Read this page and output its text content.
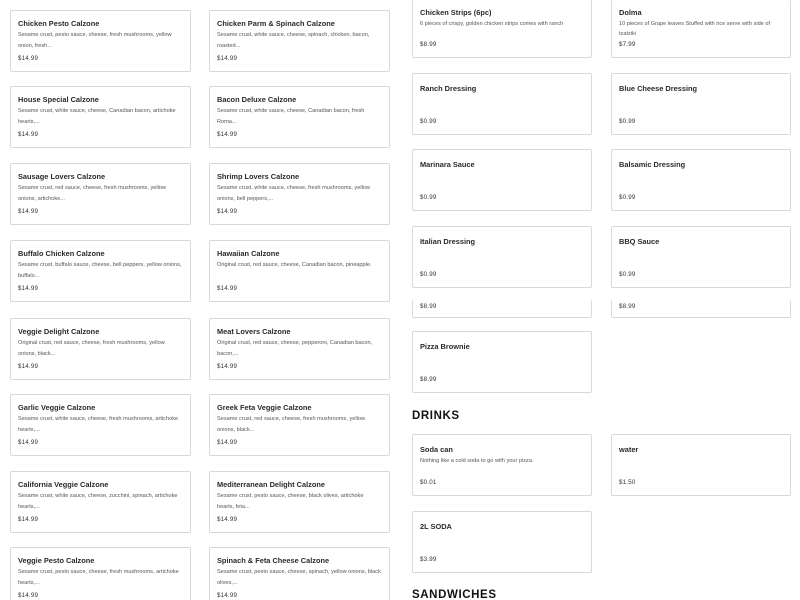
Chicken Pesto Calzone
Sesame crust, pesto sauce, cheese, fresh mushrooms, yellow onion, fresh...
$14.99
Chicken Parm & Spinach Calzone
Sesame crust, white sauce, cheese, spinach, chicken, bacon, roasted...
$14.99
House Special Calzone
Sesame crust, white sauce, cheese, Canadian bacon, artichoke hearts,...
$14.99
Bacon Deluxe Calzone
Sesame crust, white sauce, cheese, Canadian bacon, fresh Roma...
$14.99
Sausage Lovers Calzone
Sesame crust, red sauce, cheese, fresh mushrooms, yellow onions, artichoke...
$14.99
Shrimp Lovers Calzone
Sesame crust, white sauce, cheese, fresh mushrooms, yellow onions, bell peppers,...
$14.99
Buffalo Chicken Calzone
Sesame crust, buffalo sauce, cheese, bell peppers, yellow onions, buffalo...
$14.99
Hawaiian Calzone
Original crust, red sauce, cheese, Canadian bacon, pineapple.
$14.99
Veggie Delight Calzone
Original crust, red sauce, cheese, fresh mushrooms, yellow onions, black...
$14.99
Meat Lovers Calzone
Original crust, red sauce, cheese, pepperoni, Canadian bacon, bacon,...
$14.99
Garlic Veggie Calzone
Sesame crust, white sauce, cheese, fresh mushrooms, artichoke hearts,...
$14.99
Greek Feta Veggie Calzone
Sesame crust, red sauce, cheese, fresh mushrooms, yellow onions, black...
$14.99
California Veggie Calzone
Sesame crust, white sauce, cheese, zucchini, spinach, artichoke hearts,...
$14.99
Mediterranean Delight Calzone
Sesame crust, pesto sauce, cheese, black olives, artichoke hearts, feta...
$14.99
Veggie Pesto Calzone
Sesame crust, pesto sauce, cheese, fresh mushrooms, artichoke hearts,...
$14.99
Spinach & Feta Cheese Calzone
Sesame crust, pesto sauce, cheese, spinach, yellow onions, black olives,...
$14.99
Chicken Strips (6pc)
6 pieces of crispy, golden chicken strips comes with ranch
$8.99
Dolma
10 pieces of Grape leaves Stuffed with rice serve with side of tzatziki
$7.99
Ranch Dressing
$0.99
Blue Cheese Dressing
$0.99
Marinara Sauce
$0.99
Balsamic Dressing
$0.99
Italian Dressing
$0.99
BBQ Sauce
$0.99
$8.99	$8.99
Pizza Brownie
$8.99
DRINKS
Soda can
Nothing like a cold soda to go with your pizza.
$0.01
water
$1.50
2L SODA
$3.99
SANDWICHES
